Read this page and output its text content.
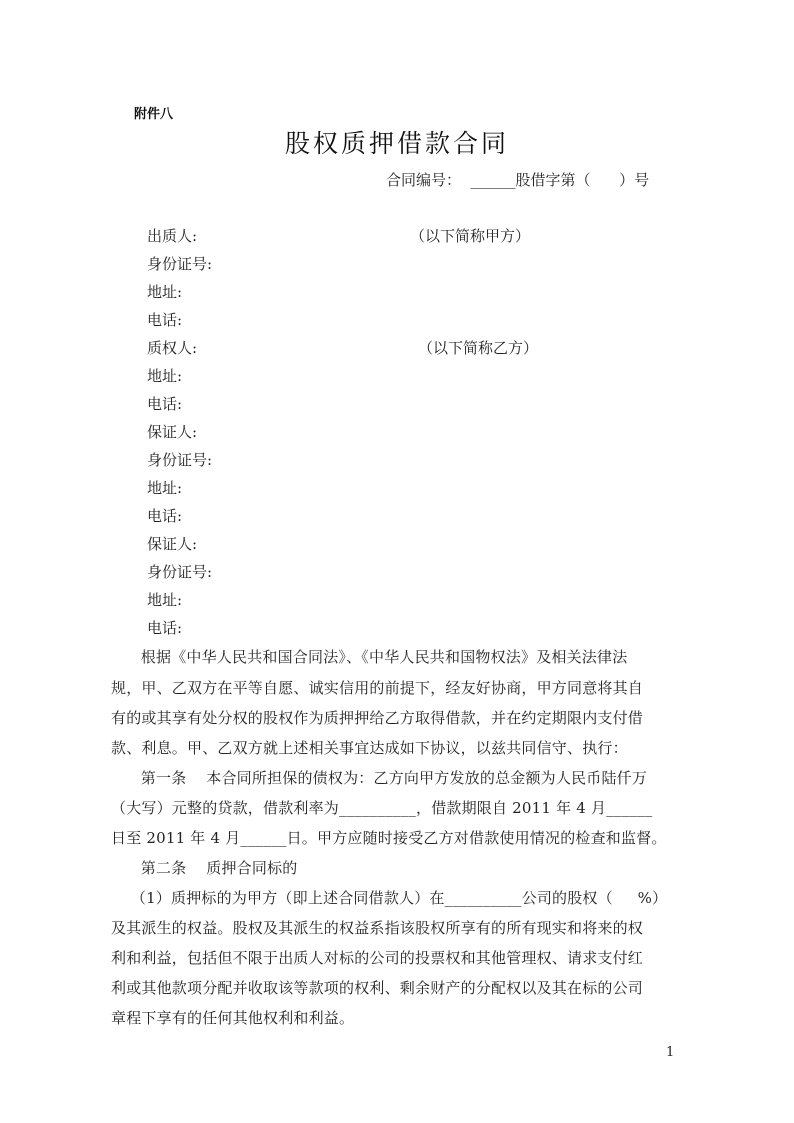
附件八
股权质押借款合同
合同编号：  ______股借字第（      ）号
出质人:	（以下简称甲方）
身份证号:
地址:
电话:
质权人:	（以下简称乙方）
地址:
电话:
保证人:
身份证号:
地址:
电话:
保证人:
身份证号:
地址:
电话:
根据《中华人民共和国合同法》、《中华人民共和国物权法》及相关法律法
规，甲、乙双方在平等自愿、诚实信用的前提下，经友好协商，甲方同意将其自
有的或其享有处分权的股权作为质押押给乙方取得借款，并在约定期限内支付借
款、利息。甲、乙双方就上述相关事宜达成如下协议，以兹共同信守、执行：
第一条    本合同所担保的债权为：乙方向甲方发放的总金额为人民币陆仟万
（大写）元整的贷款，借款利率为__________，借款期限自 2011 年 4 月______
日至 2011 年 4 月______日。甲方应随时接受乙方对借款使用情况的检查和监督。
第二条    质押合同标的
（1）质押标的为甲方（即上述合同借款人）在__________公司的股权（     %）
及其派生的权益。股权及其派生的权益系指该股权所享有的所有现实和将来的权
利和利益，包括但不限于出质人对标的公司的投票权和其他管理权、请求支付红
利或其他款项分配并收取该等款项的权利、剩余财产的分配权以及其在标的公司
章程下享有的任何其他权利和利益。
1
